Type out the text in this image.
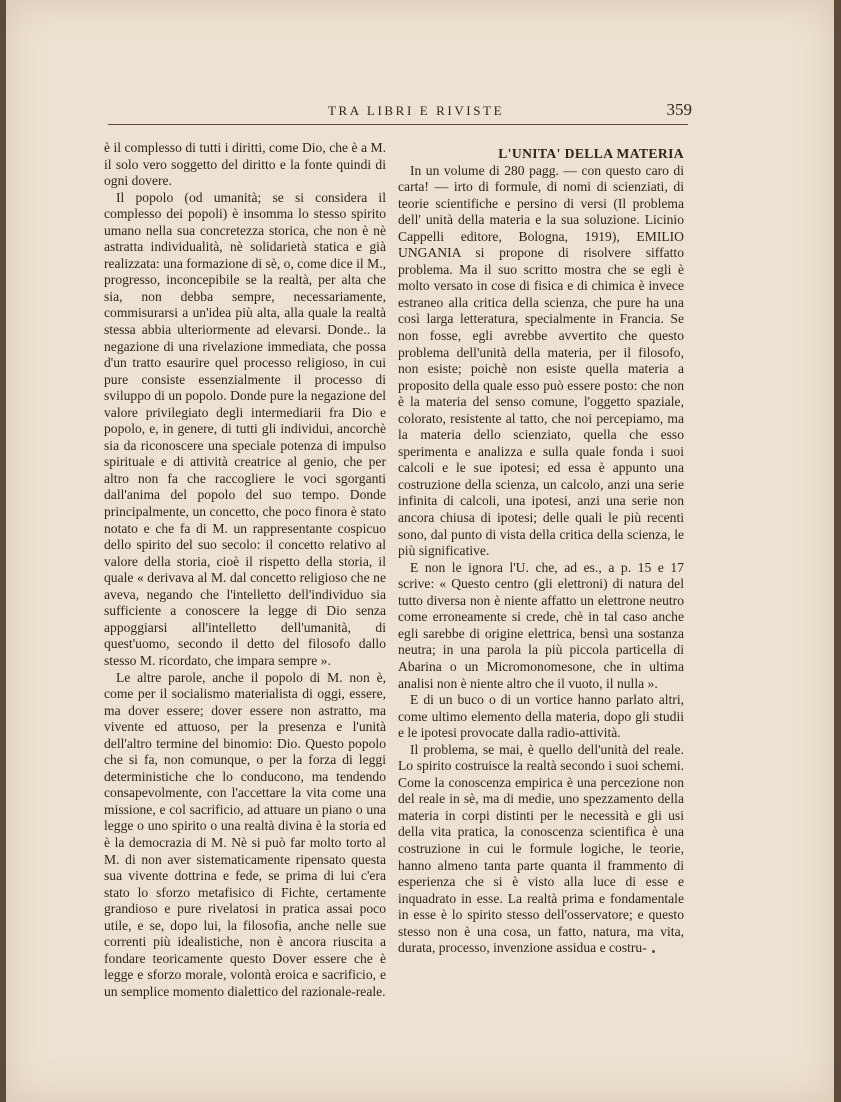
TRA LIBRI E RIVISTE	359

è il complesso di tutti i diritti, come Dio, che è a M. il solo vero soggetto del diritto e la fonte quindi di ogni dovere.

Il popolo (od umanità; se si considera il complesso dei popoli) è insomma lo stesso spirito umano nella sua concretezza storica, che non è nè astratta individualità, nè solidarietà statica e già realizzata: una formazione di sè, o, come dice il M., progresso, inconcepibile se la realtà, per alta che sia, non debba sempre, necessariamente, commisurarsi a un'idea più alta, alla quale la realtà stessa abbia ulteriormente ad elevarsi. Donde.. la negazione di una rivelazione immediata, che possa d'un tratto esaurire quel processo religioso, in cui pure consiste essenzialmente il processo di sviluppo di un popolo. Donde pure la negazione del valore privilegiato degli intermediarii fra Dio e popolo, e, in genere, di tutti gli individui, ancorchè sia da riconoscere una speciale potenza di impulso spirituale e di attività creatrice al genio, che per altro non fa che raccogliere le voci sgorganti dall'anima del popolo del suo tempo. Donde principalmente, un concetto, che poco finora è stato notato e che fa di M. un rappresentante cospicuo dello spirito del suo secolo: il concetto relativo al valore della storia, cioè il rispetto della storia, il quale « derivava al M. dal concetto religioso che ne aveva, negando che l'intelletto dell'individuo sia sufficiente a conoscere la legge di Dio senza appoggiarsi all'intelletto dell'umanità, di quest'uomo, secondo il detto del filosofo dallo stesso M. ricordato, che impara sempre ».

Le altre parole, anche il popolo di M. non è, come per il socialismo materialista di oggi, essere, ma dover essere; dover essere non astratto, ma vivente ed attuoso, per la presenza e l'unità dell'altro termine del binomio: Dio. Questo popolo che si fa, non comunque, o per la forza di leggi deterministiche che lo conducono, ma tendendo consapevolmente, con l'accettare la vita come una missione, e col sacrificio, ad attuare un piano o una legge o uno spirito o una realtà divina è la storia ed è la democrazia di M. Nè si può far molto torto al M. di non aver sistematicamente ripensato questa sua vivente dottrina e fede, se prima di lui c'era stato lo sforzo metafisico di Fichte, certamente grandioso e pure rivelatosi in pratica assai poco utile, e se, dopo lui, la filosofia, anche nelle sue correnti più idealistiche, non è ancora riuscita a fondare teoricamente questo Dover essere che è legge e sforzo morale, volontà eroica e sacrificio, e un semplice momento dialettico del razionale-reale.

L'UNITA' DELLA MATERIA

In un volume di 280 pagg. — con questo caro di carta! — irto di formule, di nomi di scienziati, di teorie scientifiche e persino di versi (Il problema dell' unità della materia e la sua soluzione. Licinio Cappelli editore, Bologna, 1919), EMILIO UNGANIA si propone di risolvere siffatto problema. Ma il suo scritto mostra che se egli è molto versato in cose di fisica e di chimica è invece estraneo alla critica della scienza, che pure ha una così larga letteratura, specialmente in Francia. Se non fosse, egli avrebbe avvertito che questo problema dell'unità della materia, per il filosofo, non esiste; poichè non esiste quella materia a proposito della quale esso può essere posto: che non è la materia del senso comune, l'oggetto spaziale, colorato, resistente al tatto, che noi percepiamo, ma la materia dello scienziato, quella che esso sperimenta e analizza e sulla quale fonda i suoi calcoli e le sue ipotesi; ed essa è appunto una costruzione della scienza, un calcolo, anzi una serie infinita di calcoli, una ipotesi, anzi una serie non ancora chiusa di ipotesi; delle quali le più recenti sono, dal punto di vista della critica della scienza, le più significative.

E non le ignora l'U. che, ad es., a p. 15 e 17 scrive: « Questo centro (gli elettroni) di natura del tutto diversa non è niente affatto un elettrone neutro come erroneamente si crede, chè in tal caso anche egli sarebbe di origine elettrica, bensì una sostanza neutra; in una parola la più piccola particella di Abarina o un Micromonomesone, che in ultima analisi non è niente altro che il vuoto, il nulla ».

E di un buco o di un vortice hanno parlato altri, come ultimo elemento della materia, dopo gli studii e le ipotesi provocate dalla radio-attività.

Il problema, se mai, è quello dell'unità del reale. Lo spirito costruisce la realtà secondo i suoi schemi. Come la conoscenza empirica è una percezione non del reale in sè, ma di medie, uno spezzamento della materia in corpi distinti per le necessità e gli usi della vita pratica, la conoscenza scientifica è una costruzione in cui le formule logiche, le teorie, hanno almeno tanta parte quanta il frammento di esperienza che si è visto alla luce di esse e inquadrato in esse. La realtà prima e fondamentale in esse è lo spirito stesso dell'osservatore; e questo stesso non è una cosa, un fatto, natura, ma vita, durata, processo, invenzione assidua e costru-
